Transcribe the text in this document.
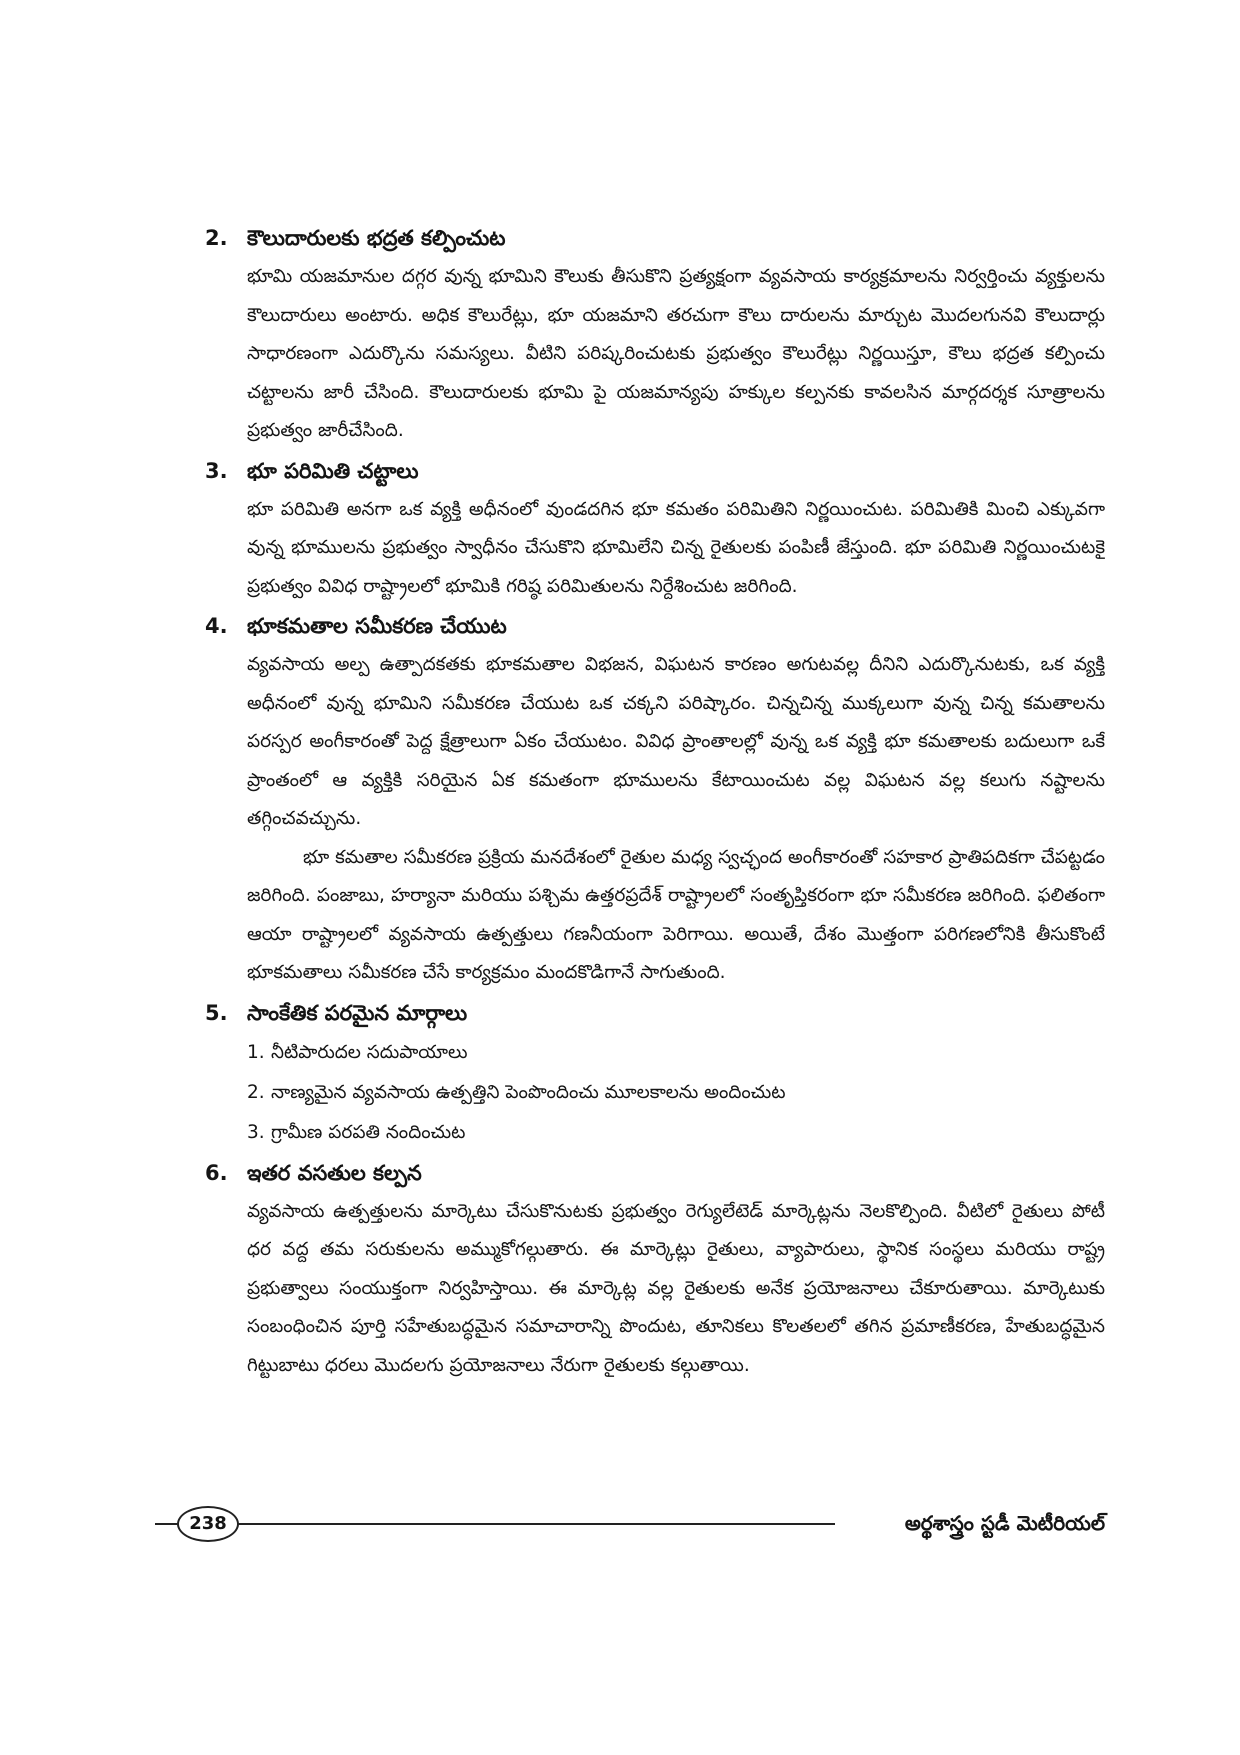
2. కౌలుదారులకు భద్రత కల్పించుట

భూమి యజమానుల దగ్గర వున్న భూమిని కౌలుకు తీసుకొని ప్రత్యక్షంగా వ్యవసాయ కార్యక్రమాలను నిర్వర్తించు వ్యక్తులను కౌలుదారులు అంటారు. అధిక కౌలురేట్లు, భూ యజమాని తరచుగా కౌలు దారులను మార్చుట మొదలగునవి కౌలుదార్లు సాధారణంగా ఎదుర్కొను సమస్యలు. వీటిని పరిష్కరించుటకు ప్రభుత్వం కౌలురేట్లు నిర్ణయిస్తూ, కౌలు భద్రత కల్పించు చట్టాలను జారీ చేసింది. కౌలుదారులకు భూమి పై యజమాన్యపు హక్కుల కల్పనకు కావలసిన మార్గదర్శక సూత్రాలను ప్రభుత్వం జారీచేసింది.

3. భూ పరిమితి చట్టాలు

భూ పరిమితి అనగా ఒక వ్యక్తి అధీనంలో వుండదగిన భూ కమతం పరిమితిని నిర్ణయించుట. పరిమితికి మించి ఎక్కువగా వున్న భూములను ప్రభుత్వం స్వాధీనం చేసుకొని భూమిలేని చిన్న రైతులకు పంపిణీ జేస్తుంది. భూ పరిమితి నిర్ణయించుటకై ప్రభుత్వం వివిధ రాష్ట్రాలలో భూమికి గరిష్ఠ పరిమితులను నిర్దేశించుట జరిగింది.

4. భూకమతాల సమీకరణ చేయుట

వ్యవసాయ అల్ప ఉత్పాదకతకు భూకమతాల విభజన, విఘటన కారణం అగుటవల్ల దీనిని ఎదుర్కొనుటకు, ఒక వ్యక్తి అధీనంలో వున్న భూమిని సమీకరణ చేయుట ఒక చక్కని పరిష్కారం. చిన్నచిన్న ముక్కలుగా వున్న చిన్న కమతాలను పరస్పర అంగీకారంతో పెద్ద క్షేత్రాలుగా ఏకం చేయుటం. వివిధ ప్రాంతాలల్లో వున్న ఒక వ్యక్తి భూ కమతాలకు బదులుగా ఒకే ప్రాంతంలో ఆ వ్యక్తికి సరియైన ఏక కమతంగా భూములను కేటాయించుట వల్ల విఘటన వల్ల కలుగు నష్టాలను తగ్గించవచ్చును.

భూ కమతాల సమీకరణ ప్రక్రియ మనదేశంలో రైతుల మధ్య స్వచ్ఛంద అంగీకారంతో సహకార ప్రాతిపదికగా చేపట్టడం జరిగింది. పంజాబు, హర్యానా మరియు పశ్చిమ ఉత్తరప్రదేశ్ రాష్ట్రాలలో సంతృప్తికరంగా భూ సమీకరణ జరిగింది. ఫలితంగా ఆయా రాష్ట్రాలలో వ్యవసాయ ఉత్పత్తులు గణనీయంగా పెరిగాయి. అయితే, దేశం మొత్తంగా పరిగణలోనికి తీసుకొంటే భూకమతాలు సమీకరణ చేసే కార్యక్రమం మందకొడిగానే సాగుతుంది.

5. సాంకేతిక పరమైన మార్గాలు
1. నీటిపారుదల సదుపాయాలు
2. నాణ్యమైన వ్యవసాయ ఉత్పత్తిని పెంపొందించు మూలకాలను అందించుట
3. గ్రామీణ పరపతి నందించుట
6. ఇతర వసతుల కల్పన

వ్యవసాయ ఉత్పత్తులను మార్కెటు చేసుకొనుటకు ప్రభుత్వం రెగ్యులేటెడ్ మార్కెట్లను నెలకొల్పింది. వీటిలో రైతులు పోటీ ధర వద్ద తమ సరుకులను అమ్ముకోగల్గుతారు. ఈ మార్కెట్లు రైతులు, వ్యాపారులు, స్థానిక సంస్థలు మరియు రాష్ట్ర ప్రభుత్వాలు సంయుక్తంగా నిర్వహిస్తాయి. ఈ మార్కెట్ల వల్ల రైతులకు అనేక ప్రయోజనాలు చేకూరుతాయి. మార్కెటుకు సంబంధించిన పూర్తి సహేతుబద్ధమైన సమాచారాన్ని పొందుట, తూనికలు కొలతలలో తగిన ప్రమాణీకరణ, హేతుబద్ధమైన గిట్టుబాటు ధరలు మొదలగు ప్రయోజనాలు నేరుగా రైతులకు కల్గుతాయి.

238	అర్థశాస్త్రం స్టడీ మెటీరియల్
